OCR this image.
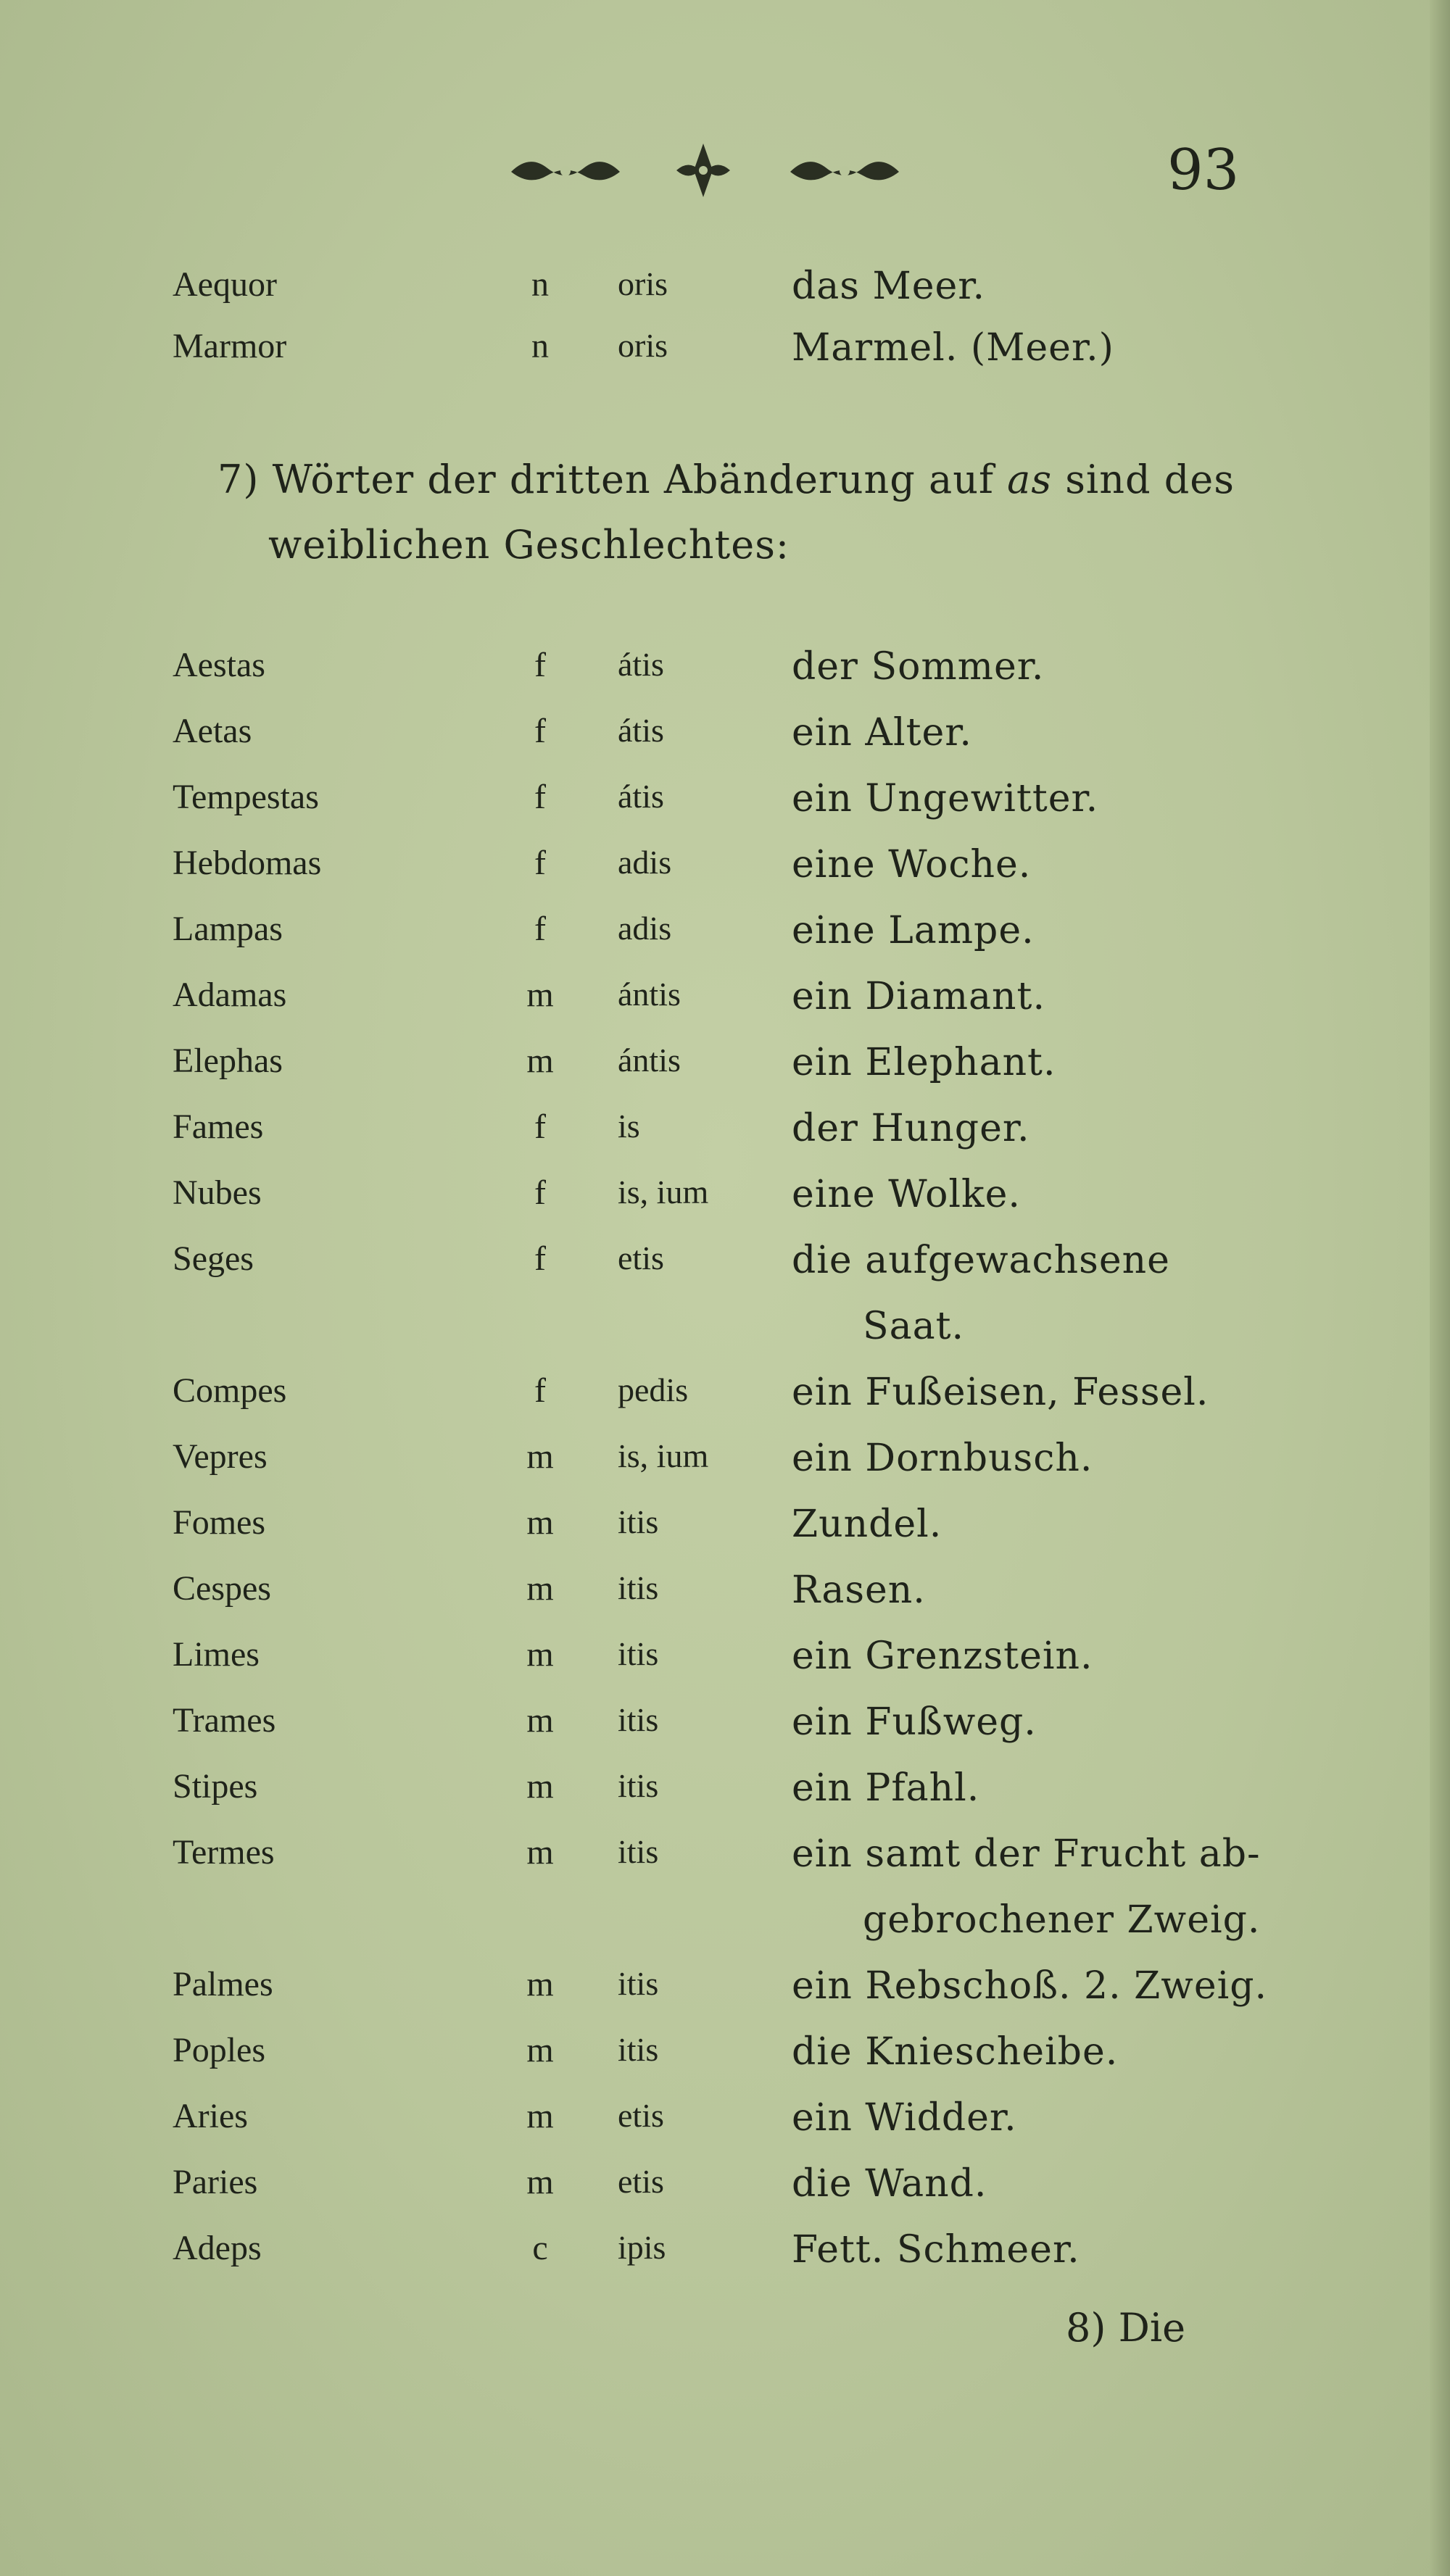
93
Aequor	n	oris	das Meer.
Marmor	n	oris	Marmel. (Meer.)
7) Wörter der dritten Abänderung auf as sind des
weiblichen Geschlechtes:
Aestas	f	átis	der Sommer.
Aetas	f	átis	ein Alter.
Tempestas	f	átis	ein Ungewitter.
Hebdomas	f	adis	eine Woche.
Lampas	f	adis	eine Lampe.
Adamas	m	ántis	ein Diamant.
Elephas	m	ántis	ein Elephant.
Fames	f	is	der Hunger.
Nubes	f	is, ium eine Wolke.
Seges	f	etis	die aufgewachsene
Saat.
Compes	f	pedis	ein Fußeisen, Fessel.
Vepres	m	is, ium ein Dornbusch.
Fomes	m	itis	Zundel.
Cespes	m	itis	Rasen.
Limes	m	itis	ein Grenzstein.
Trames	m	itis	ein Fußweg.
Stipes	m	itis	ein Pfahl.
Termes	m	itis	ein samt der Frucht ab-
gebrochener Zweig.
Palmes	m	itis	ein Rebschoß. 2. Zweig.
Poples	m	itis	die Kniescheibe.
Aries	m	etis	ein Widder.
Paries	m	etis	die Wand.
Adeps	c	ipis	Fett. Schmeer.
8) Die
